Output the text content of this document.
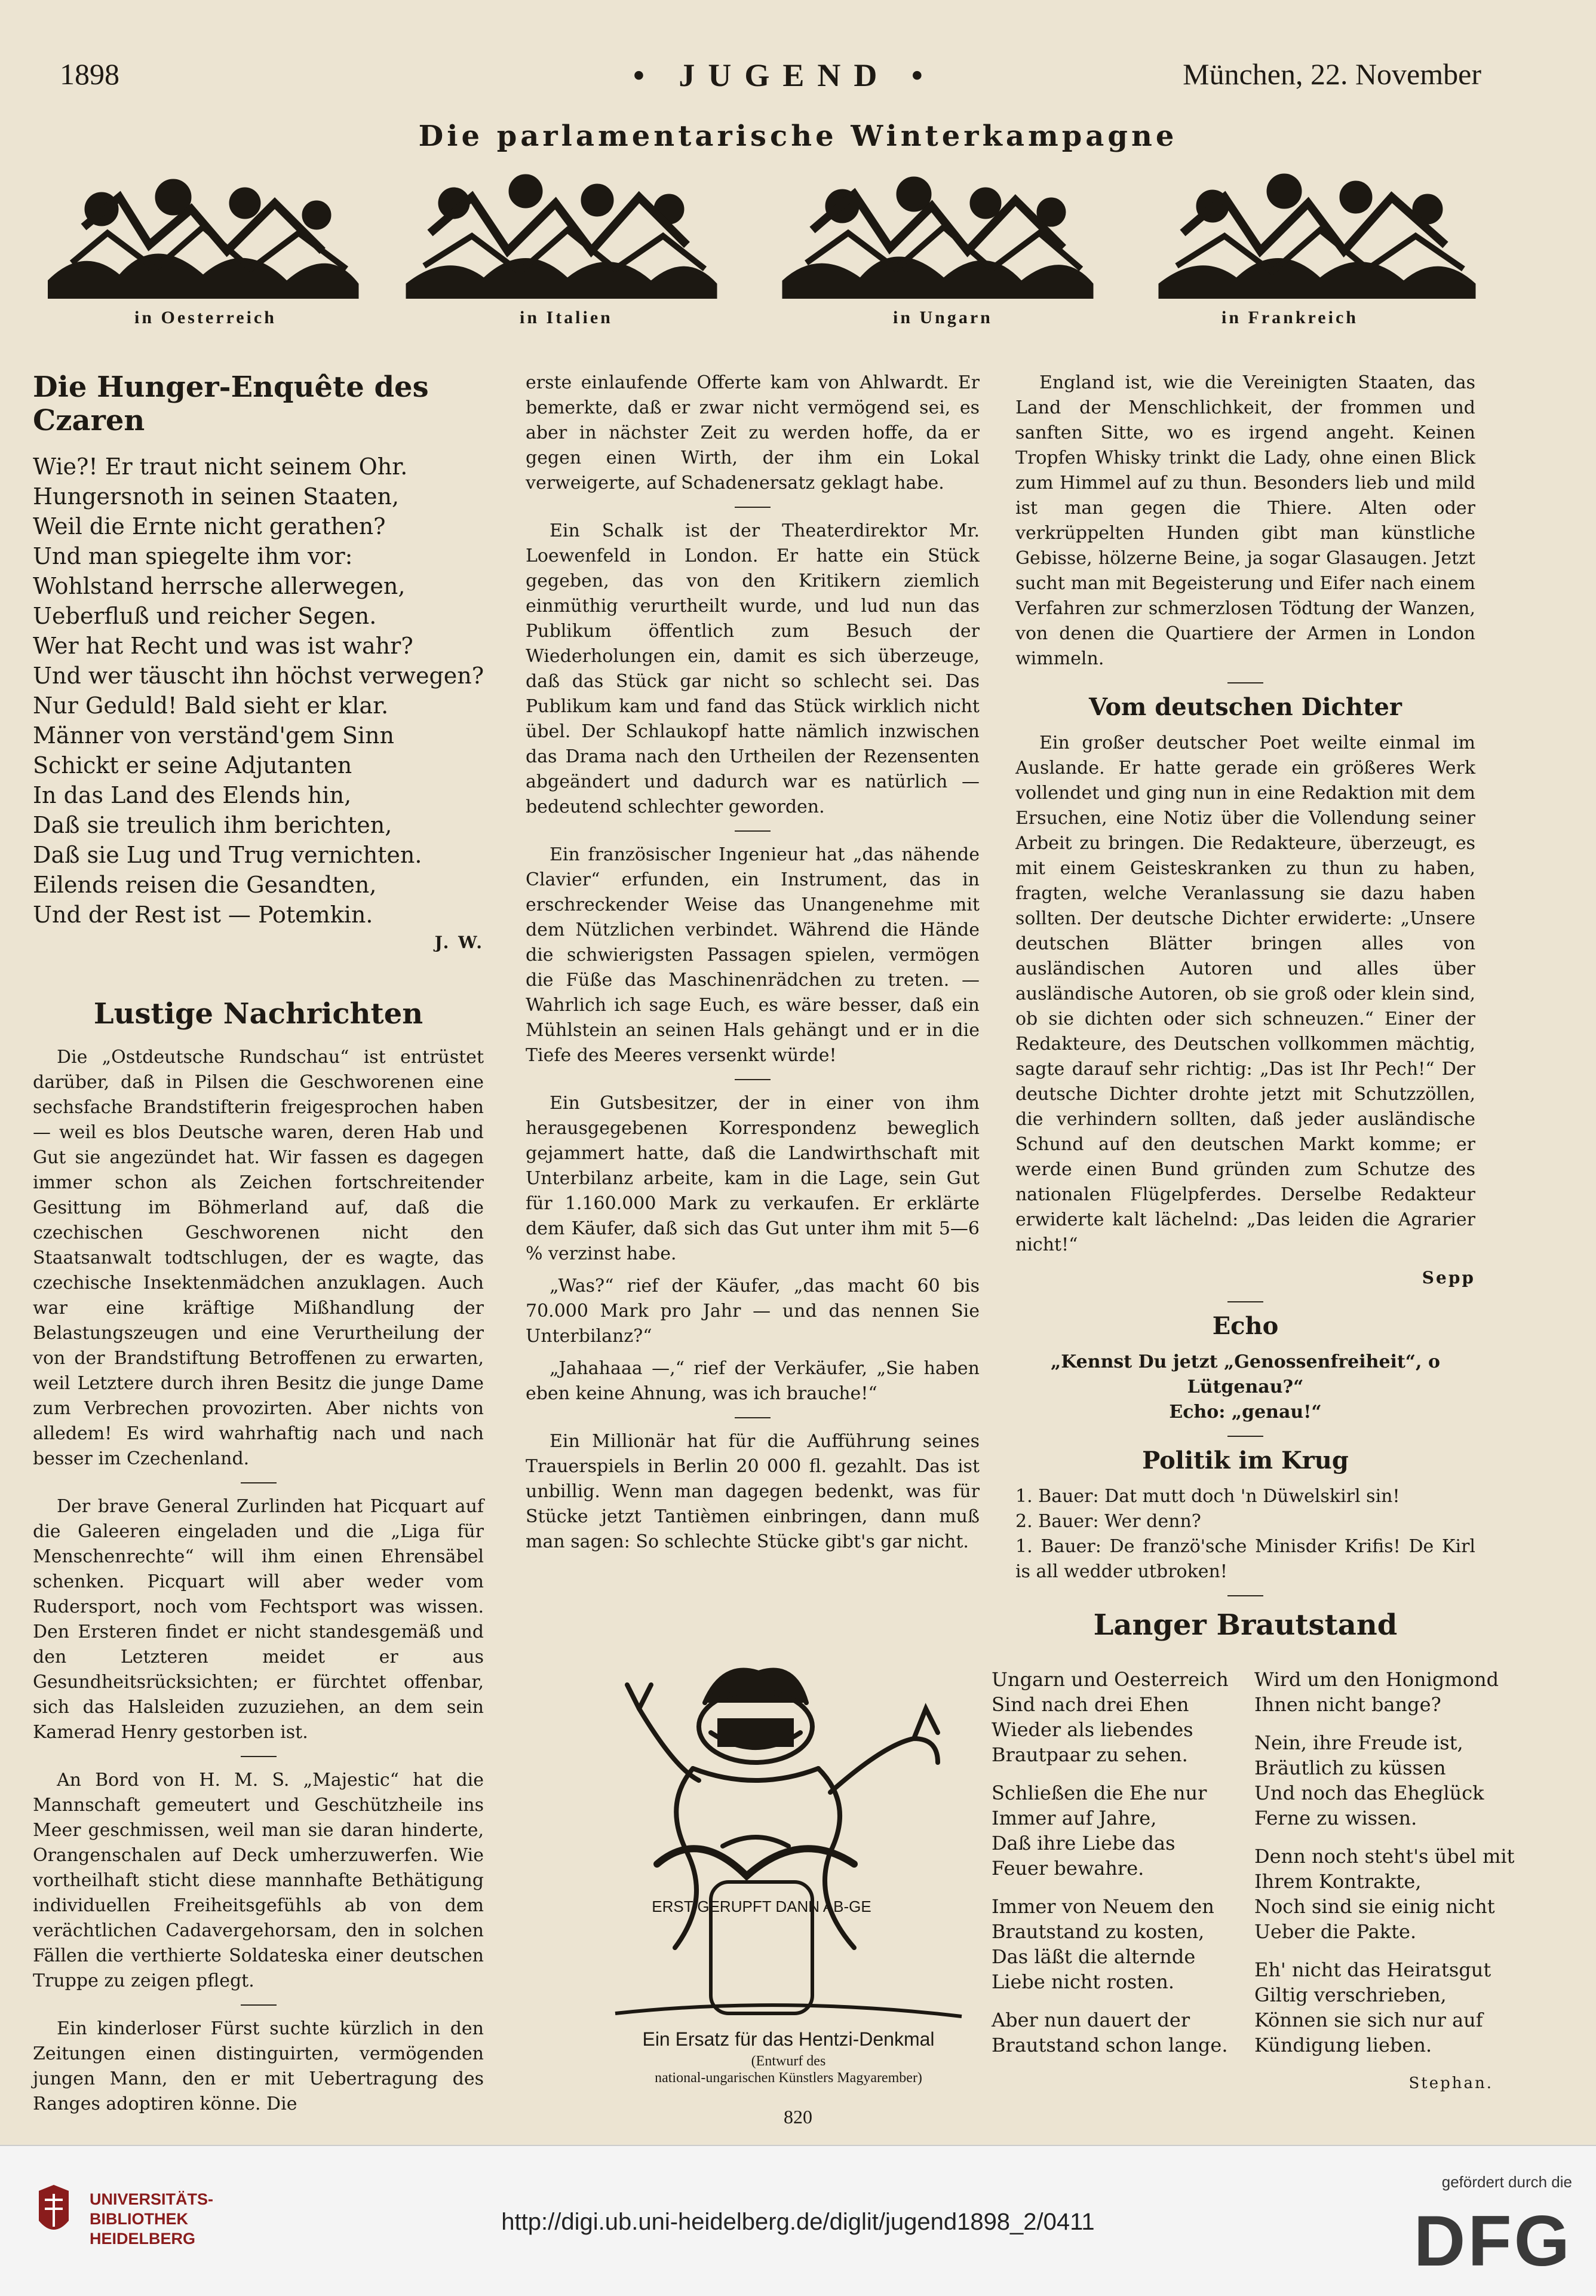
1898	• JUGEND •	München, 22. November
Die parlamentarische Winterkampagne
in Oesterreich	in Italien	in Ungarn	in Frankreich
Die Hunger-Enquête des Czaren
Wie?! Er traut nicht seinem Ohr.
Hungersnoth in seinen Staaten,
Weil die Ernte nicht gerathen?
Und man spiegelte ihm vor:
Wohlstand herrsche allerwegen,
Ueberfluß und reicher Segen.
Wer hat Recht und was ist wahr?
Und wer täuscht ihn höchst verwegen?
Nur Geduld! Bald sieht er klar.
Männer von verständ'gem Sinn
Schickt er seine Adjutanten
In das Land des Elends hin,
Daß sie treulich ihm berichten,
Daß sie Lug und Trug vernichten.
Eilends reisen die Gesandten,
Und der Rest ist — Potemkin.
J. W.
Lustige Nachrichten

Die „Ostdeutsche Rundschau“ ist entrüstet darüber, daß in Pilsen die Geschworenen eine sechsfache Brandstifterin freigesprochen haben — weil es blos Deutsche waren, deren Hab und Gut sie angezündet hat. Wir fassen es dagegen immer schon als Zeichen fortschreitender Gesittung im Böhmerland auf, daß die czechischen Geschworenen nicht den Staatsanwalt todtschlugen, der es wagte, das czechische Insektenmädchen anzuklagen. Auch war eine kräftige Mißhandlung der Belastungszeugen und eine Verurtheilung der von der Brandstiftung Betroffenen zu erwarten, weil Letztere durch ihren Besitz die junge Dame zum Verbrechen provozirten. Aber nichts von alledem! Es wird wahrhaftig nach und nach besser im Czechenland.

Der brave General Zurlinden hat Picquart auf die Galeeren eingeladen und die „Liga für Menschenrechte“ will ihm einen Ehrensäbel schenken. Picquart will aber weder vom Rudersport, noch vom Fechtsport was wissen. Den Ersteren findet er nicht standesgemäß und den Letzteren meidet er aus Gesundheitsrücksichten; er fürchtet offenbar, sich das Halsleiden zuzuziehen, an dem sein Kamerad Henry gestorben ist.

An Bord von H. M. S. „Majestic“ hat die Mannschaft gemeutert und Geschützheile ins Meer geschmissen, weil man sie daran hinderte, Orangenschalen auf Deck umherzuwerfen. Wie vortheilhaft sticht diese mannhafte Bethätigung individuellen Freiheitsgefühls ab von dem verächtlichen Cadavergehorsam, den in solchen Fällen die verthierte Soldateska einer deutschen Truppe zu zeigen pflegt.

Ein kinderloser Fürst suchte kürzlich in den Zeitungen einen distinguirten, vermögenden jungen Mann, den er mit Uebertragung des Ranges adoptiren könne. Die

erste einlaufende Offerte kam von Ahlwardt. Er bemerkte, daß er zwar nicht vermögend sei, es aber in nächster Zeit zu werden hoffe, da er gegen einen Wirth, der ihm ein Lokal verweigerte, auf Schadenersatz geklagt habe.

Ein Schalk ist der Theaterdirektor Mr. Loewenfeld in London. Er hatte ein Stück gegeben, das von den Kritikern ziemlich einmüthig verurtheilt wurde, und lud nun das Publikum öffentlich zum Besuch der Wiederholungen ein, damit es sich überzeuge, daß das Stück gar nicht so schlecht sei. Das Publikum kam und fand das Stück wirklich nicht übel. Der Schlaukopf hatte nämlich inzwischen das Drama nach den Urtheilen der Rezensenten abgeändert und dadurch war es natürlich — bedeutend schlechter geworden.

Ein französischer Ingenieur hat „das nähende Clavier“ erfunden, ein Instrument, das in erschreckender Weise das Unangenehme mit dem Nützlichen verbindet. Während die Hände die schwierigsten Passagen spielen, vermögen die Füße das Maschinenrädchen zu treten. — Wahrlich ich sage Euch, es wäre besser, daß ein Mühlstein an seinen Hals gehängt und er in die Tiefe des Meeres versenkt würde!

Ein Gutsbesitzer, der in einer von ihm herausgegebenen Korrespondenz beweglich gejammert hatte, daß die Landwirthschaft mit Unterbilanz arbeite, kam in die Lage, sein Gut für 1.160.000 Mark zu verkaufen. Er erklärte dem Käufer, daß sich das Gut unter ihm mit 5—6 % verzinst habe.

„Was?“ rief der Käufer, „das macht 60 bis 70.000 Mark pro Jahr — und das nennen Sie Unterbilanz?“

„Jahahaaa —,“ rief der Verkäufer, „Sie haben eben keine Ahnung, was ich brauche!“

Ein Millionär hat für die Aufführung seines Trauerspiels in Berlin 20 000 fl. gezahlt. Das ist unbillig. Wenn man dagegen bedenkt, was für Stücke jetzt Tantièmen einbringen, dann muß man sagen: So schlechte Stücke gibt's gar nicht.

England ist, wie die Vereinigten Staaten, das Land der Menschlichkeit, der frommen und sanften Sitte, wo es irgend angeht. Keinen Tropfen Whisky trinkt die Lady, ohne einen Blick zum Himmel auf zu thun. Besonders lieb und mild ist man gegen die Thiere. Alten oder verkrüppelten Hunden gibt man künstliche Gebisse, hölzerne Beine, ja sogar Glasaugen. Jetzt sucht man mit Begeisterung und Eifer nach einem Verfahren zur schmerzlosen Tödtung der Wanzen, von denen die Quartiere der Armen in London wimmeln.

Vom deutschen Dichter

Ein großer deutscher Poet weilte einmal im Auslande. Er hatte gerade ein größeres Werk vollendet und ging nun in eine Redaktion mit dem Ersuchen, eine Notiz über die Vollendung seiner Arbeit zu bringen. Die Redakteure, überzeugt, es mit einem Geisteskranken zu thun zu haben, fragten, welche Veranlassung sie dazu haben sollten. Der deutsche Dichter erwiderte: „Unsere deutschen Blätter bringen alles von ausländischen Autoren und alles über ausländische Autoren, ob sie groß oder klein sind, ob sie dichten oder sich schneuzen.“ Einer der Redakteure, des Deutschen vollkommen mächtig, sagte darauf sehr richtig: „Das ist Ihr Pech!“ Der deutsche Dichter drohte jetzt mit Schutzzöllen, die verhindern sollten, daß jeder ausländische Schund auf den deutschen Markt komme; er werde einen Bund gründen zum Schutze des nationalen Flügelpferdes. Derselbe Redakteur erwiderte kalt lächelnd: „Das leiden die Agrarier nicht!“

Sepp
Echo
„Kennst Du jetzt „Genossenfreiheit“, o Lütgenau?“
Echo: „genau!“
Politik im Krug
1. Bauer: Dat mutt doch 'n Düwelskirl sin!
2. Bauer: Wer denn?
1. Bauer: De franzö'sche Minisder Krifis! De Kirl is all wedder utbroken!
Langer Brautstand
Ungarn und Oesterreich
Sind nach drei Ehen
Wieder als liebendes
Brautpaar zu sehen.
Schließen die Ehe nur
Immer auf Jahre,
Daß ihre Liebe das
Feuer bewahre.
Immer von Neuem den
Brautstand zu kosten,
Das läßt die alternde
Liebe nicht rosten.
Aber nun dauert der
Brautstand schon lange.
Wird um den Honigmond
Ihnen nicht bange?
Nein, ihre Freude ist,
Bräutlich zu küssen
Und noch das Eheglück
Ferne zu wissen.
Denn noch steht's übel mit
Ihrem Kontrakte,
Noch sind sie einig nicht
Ueber die Pakte.
Eh' nicht das Heiratsgut
Giltig verschrieben,
Können sie sich nur auf
Kündigung lieben.
Stephan.
ERST GERUPFT DANN AB-GE
Ein Ersatz für das Hentzi-Denkmal
(Entwurf des
national-ungarischen Künstlers Magyarember)
820
UNIVERSITÄTS-
BIBLIOTHEK
HEIDELBERG
http://digi.ub.uni-heidelberg.de/diglit/jugend1898_2/0411
gefördert durch die
DFG
